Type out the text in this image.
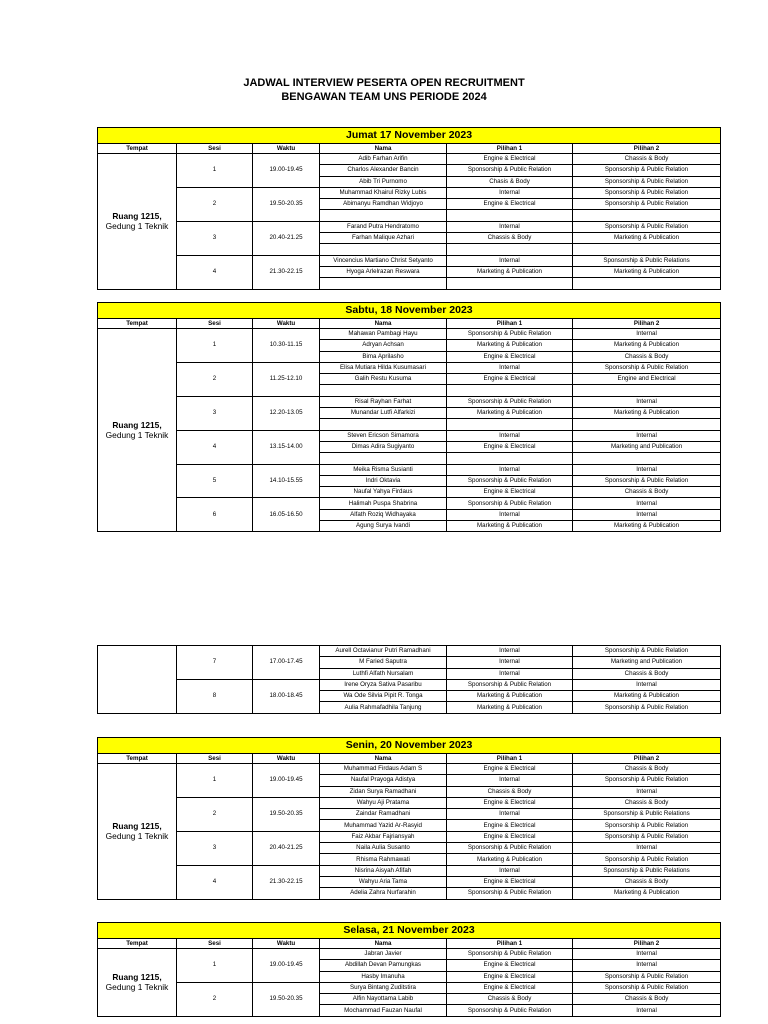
JADWAL INTERVIEW PESERTA OPEN RECRUITMENT
BENGAWAN TEAM UNS PERIODE 2024
Jumat 17 November 2023					
Tempat	Sesi	Waktu	Nama	Pilihan 1	Pilihan 2
Ruang 1215,
Gedung 1 Teknik	1	19.00-19.45	Adib Farhan Arifin	Engine & Electrical	Chassis & Body
			Charlos Alexander Bancin	Sponsorship & Public Relation	Sponsorship & Public Relation
			Abib Tri Purnomo	Chasis & Body	Sponsorship & Public Relation
	2	19.50-20.35	Muhammad Khairul Rizky Lubis	Internal	Sponsorship & Public Relation
			Abimanyu Ramdhan Widjoyo	Engine & Electrical	Sponsorship & Public Relation

	3	20.40-21.25	Farand Putra Hendratomo	Internal	Sponsorship & Public Relation
			Farhan Malique Azhari	Chassis & Body	Marketing & Publication

	4	21.30-22.15	Vincencius Martiano Christ Setyanto	Internal	Sponsorship & Public Relations
			Hyoga Arlelrazan Reswara	Marketing & Publication	Marketing & Publication

Sabtu, 18 November 2023					
Tempat	Sesi	Waktu	Nama	Pilihan 1	Pilihan 2
Ruang 1215,
Gedung 1 Teknik	1	10.30-11.15	Mahawan Pambagi Hayu	Sponsorship & Public Relation	Internal
			Adryan Achsan	Marketing & Publication	Marketing & Publication
			Bima Aprilasho	Engine & Electrical	Chassis & Body
	2	11.25-12.10	Elisa Mutiara Hilda Kusumasari	Internal	Sponsorship & Public Relation
			Galih Restu Kusuma	Engine & Electrical	Engine and Electrical

	3	12.20-13.05	Risal Rayhan Farhat	Sponsorship & Public Relation	Internal
			Munandar Lutfi Alfarkizi	Marketing & Publication	Marketing & Publication

	4	13.15-14.00	Steven Ericson Simamora	Internal	Internal
			Dimas Adira Sugiyanto	Engine & Electrical	Marketing and Publication

	5	14.10-15.55	Meika Risma Susianti	Internal	Internal
			Indri Oktavia	Sponsorship & Public Relation	Sponsorship & Public Relation
			Naufal Yahya Firdaus	Engine & Electrical	Chassis & Body
	6	16.05-16.50	Halimah Puspa Shabrina	Sponsorship & Public Relation	Internal
			Alfath Roziq Widhayaka	Internal	Internal
			Agung Surya Ivandi	Marketing & Publication	Marketing & Publication
	7	17.00-17.45	Aurell Octavianur Putri Ramadhani	Internal	Sponsorship & Public Relation
			M Faried Saputra	Internal	Marketing and Publication
			Luthfi Alfath Nursalam	Internal	Chassis & Body
	8	18.00-18.45	Irene Oryza Sativa Pasaribu	Sponsorship & Public Relation	Internal
			Wa Ode Silvia Pipit R. Tonga	Marketing & Publication	Marketing & Publication
			Aulia Rahmafadhila Tanjung	Marketing & Publication	Sponsorship & Public Relation
Senin, 20 November 2023					
Tempat	Sesi	Waktu	Nama	Pilihan 1	Pilihan 2
Ruang 1215,
Gedung 1 Teknik	1	19.00-19.45	Muhammad Firdaus Adam S	Engine & Electrical	Chassis & Body
			Naufal Prayoga Adistya	Internal	Sponsorship & Public Relation
			Zidan Surya Ramadhani	Chassis & Body	Internal
	2	19.50-20.35	Wahyu Aji Pratama	Engine & Electrical	Chassis & Body
			Zaindar Ramadhani	Internal	Sponsorship & Public Relations
			Muhammad Yazid Ar-Rasyid	Engine & Electrical	Sponsorship & Public Relation
	3	20.40-21.25	Faiz Akbar Fajriansyah	Engine & Electrical	Sponsorship & Public Relation
			Naila Aulia Susanto	Sponsorship & Public Relation	Internal
			Rhisma Rahmawati	Marketing & Publication	Sponsorship & Public Relation
	4	21.30-22.15	Nisrina Aisyah Afifah	Internal	Sponsorship & Public Relations
			Wahyu Aria Tama	Engine & Electrical	Chassis & Body
			Adelia Zahra Nurfarahin	Sponsorship & Public Relation	Marketing & Publication
Selasa, 21 November 2023					
Tempat	Sesi	Waktu	Nama	Pilihan 1	Pilihan 2
Ruang 1215,
Gedung 1 Teknik	1	19.00-19.45	Jabran Javier	Sponsorship & Public Relation	Internal
			Abdillah Devan Pamungkas	Engine & Electrical	Internal
			Hasby Imanuha	Engine & Electrical	Sponsorship & Public Relation
	2	19.50-20.35	Surya Bintang Zuditstira	Engine & Electrical	Sponsorship & Public Relation
			Alfin Nayottama Labib	Chassis & Body	Chassis & Body
			Mochammad Fauzan Naufal	Sponsorship & Public Relation	Internal
